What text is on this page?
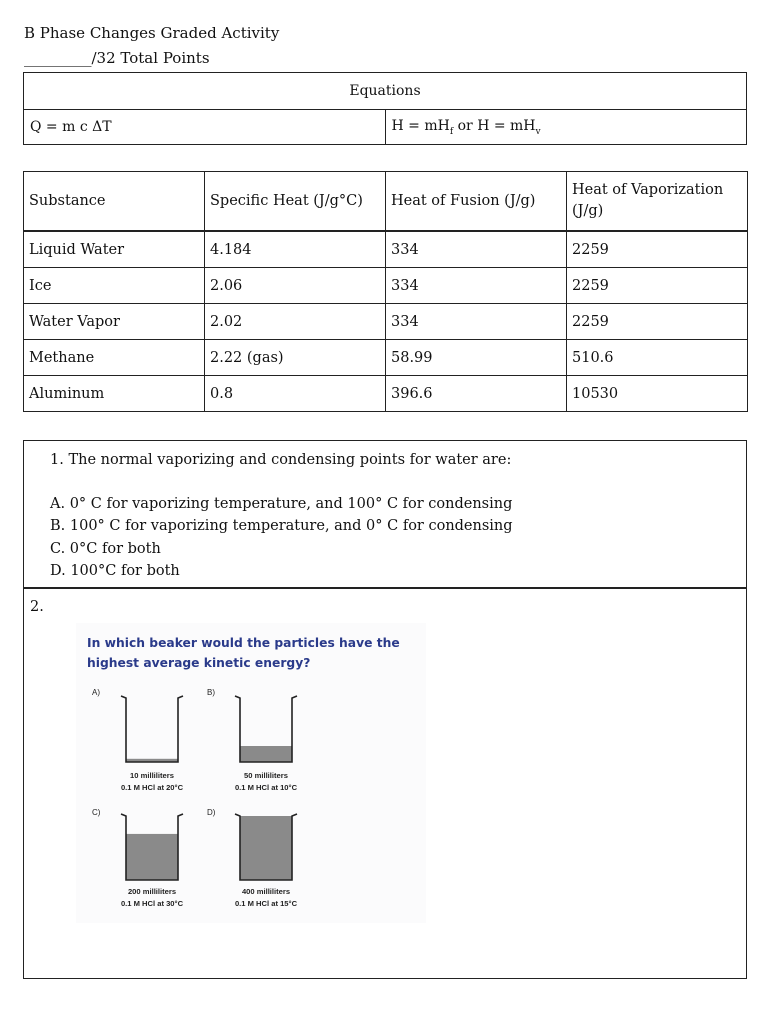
B Phase Changes Graded Activity
_________/32 Total Points
Equations
Q = m c ΔT	$H = mH_f$ or $H = mH_v$
Substance	Specific Heat (J/g°C)	Heat of Fusion (J/g)	Heat of Vaporization (J/g)
Liquid Water	4.184	334	2259
Ice	2.06	334	2259
Water Vapor	2.02	334	2259
Methane	2.22 (gas)	58.99	510.6
Aluminum	0.8	396.6	10530
1. The normal vaporizing and condensing points for water are:
A. 0° C for vaporizing temperature, and 100° C for condensing
B. 100° C for vaporizing temperature, and 0° C for condensing
C. 0°C for both
D. 100°C for both
2.
In which beaker would the particles have the highest average kinetic energy?
A)
10 milliliters
0.1 M HCl at 20°C
B)
50 milliliters
0.1 M HCl at 10°C
C)
200 milliliters
0.1 M HCl at 30°C
D)
400 milliliters
0.1 M HCl at 15°C
